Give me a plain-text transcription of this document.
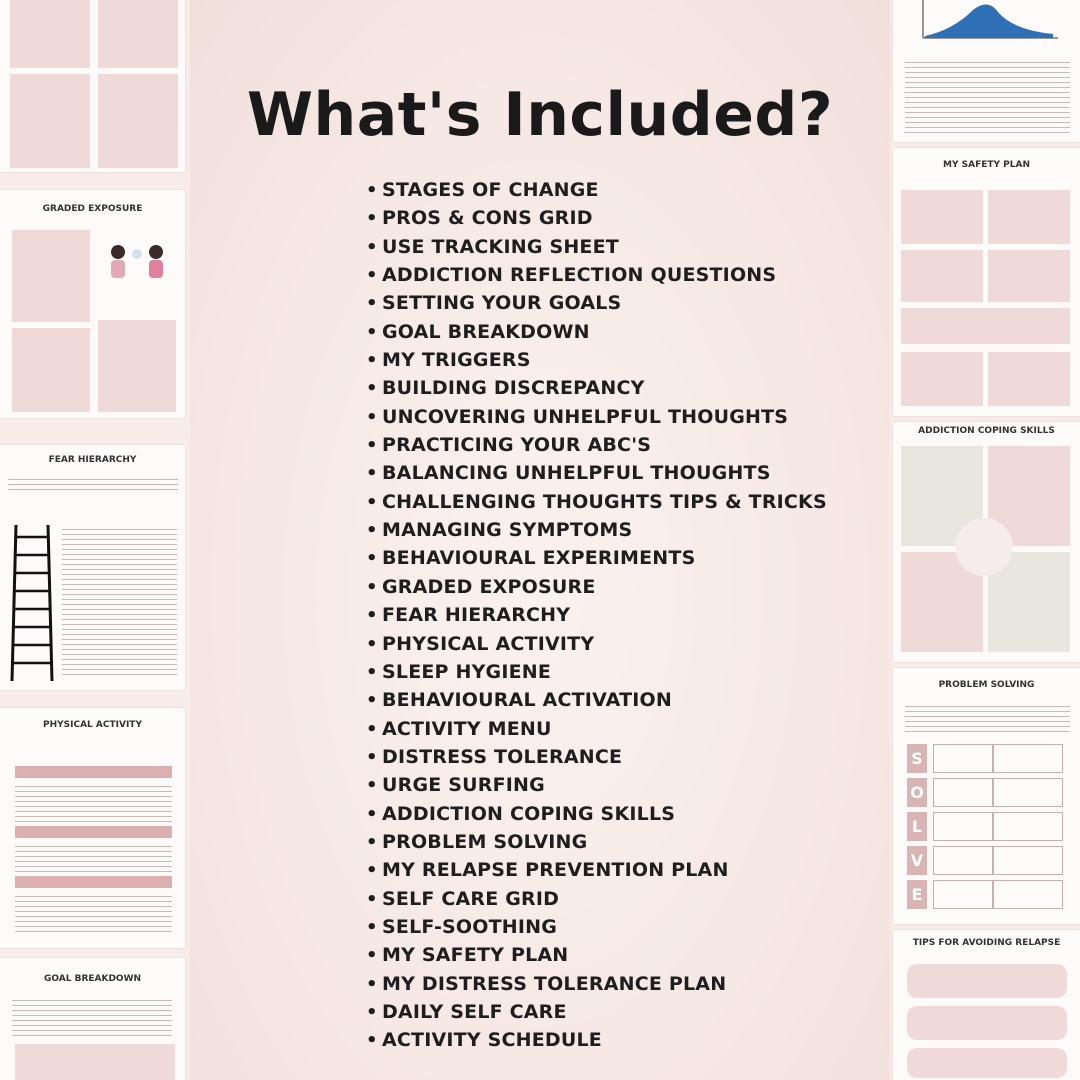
GRADED EXPOSURE
FEAR HIERARCHY
PHYSICAL ACTIVITY
GOAL BREAKDOWN
What's Included?
• STAGES OF CHANGE
• PROS & CONS GRID
• USE TRACKING SHEET
• ADDICTION REFLECTION QUESTIONS
• SETTING YOUR GOALS
• GOAL BREAKDOWN
• MY TRIGGERS
• BUILDING DISCREPANCY
• UNCOVERING UNHELPFUL THOUGHTS
• PRACTICING YOUR ABC'S
• BALANCING UNHELPFUL THOUGHTS
• CHALLENGING THOUGHTS TIPS & TRICKS
• MANAGING SYMPTOMS
• BEHAVIOURAL EXPERIMENTS
• GRADED EXPOSURE
• FEAR HIERARCHY
• PHYSICAL ACTIVITY
• SLEEP HYGIENE
• BEHAVIOURAL ACTIVATION
• ACTIVITY MENU
• DISTRESS TOLERANCE
• URGE SURFING
• ADDICTION COPING SKILLS
• PROBLEM SOLVING
• MY RELAPSE PREVENTION PLAN
• SELF CARE GRID
• SELF-SOOTHING
• MY SAFETY PLAN
• MY DISTRESS TOLERANCE PLAN
• DAILY SELF CARE
• ACTIVITY SCHEDULE
MY SAFETY PLAN
ADDICTION COPING SKILLS
PROBLEM SOLVING
S
O
L
V
E
TIPS FOR AVOIDING RELAPSE
